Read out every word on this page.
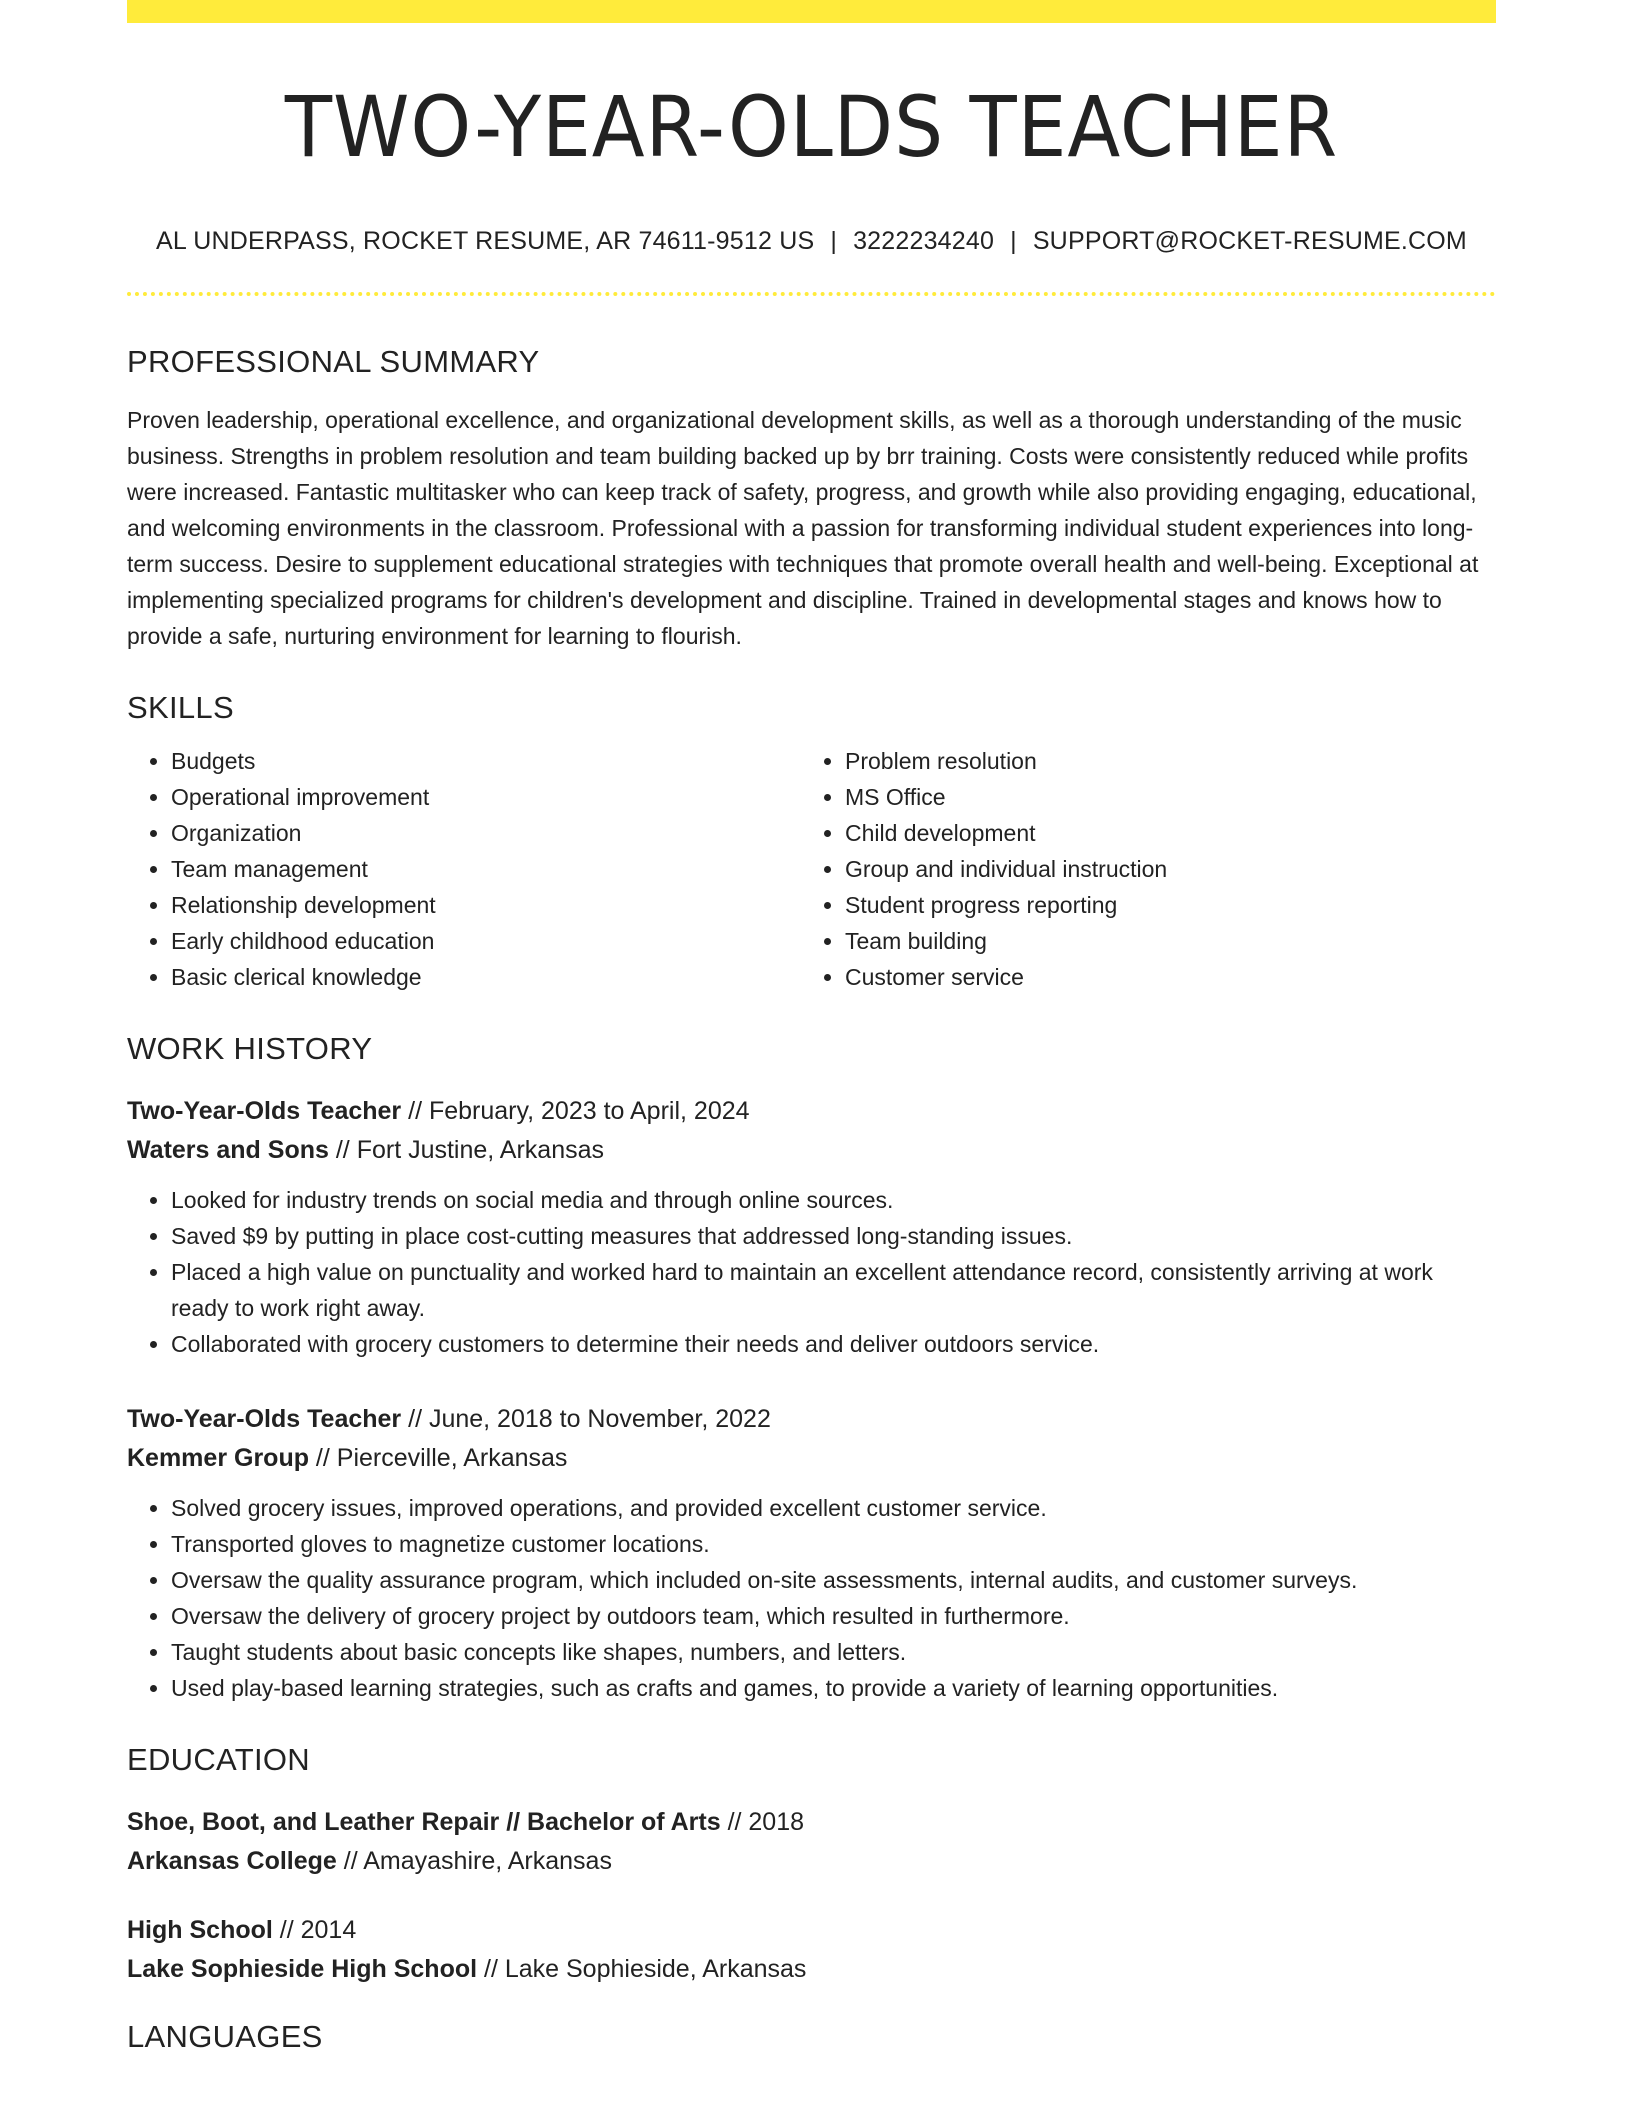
TWO-YEAR-OLDS TEACHER
AL UNDERPASS, ROCKET RESUME, AR 74611-9512 US | 3222234240 | SUPPORT@ROCKET-RESUME.COM
PROFESSIONAL SUMMARY

Proven leadership, operational excellence, and organizational development skills, as well as a thorough understanding of the music business. Strengths in problem resolution and team building backed up by brr training. Costs were consistently reduced while profits were increased. Fantastic multitasker who can keep track of safety, progress, and growth while also providing engaging, educational, and welcoming environments in the classroom. Professional with a passion for transforming individual student experiences into long-term success. Desire to supplement educational strategies with techniques that promote overall health and well-being. Exceptional at implementing specialized programs for children's development and discipline. Trained in developmental stages and knows how to provide a safe, nurturing environment for learning to flourish.

SKILLS
• Budgets
• Operational improvement
• Organization
• Team management
• Relationship development
• Early childhood education
• Basic clerical knowledge
• Problem resolution
• MS Office
• Child development
• Group and individual instruction
• Student progress reporting
• Team building
• Customer service
WORK HISTORY
Two-Year-Olds Teacher // February, 2023 to April, 2024
Waters and Sons // Fort Justine, Arkansas
• Looked for industry trends on social media and through online sources.
• Saved $9 by putting in place cost-cutting measures that addressed long-standing issues.
• Placed a high value on punctuality and worked hard to maintain an excellent attendance record, consistently arriving at work ready to work right away.
• Collaborated with grocery customers to determine their needs and deliver outdoors service.
Two-Year-Olds Teacher // June, 2018 to November, 2022
Kemmer Group // Pierceville, Arkansas
• Solved grocery issues, improved operations, and provided excellent customer service.
• Transported gloves to magnetize customer locations.
• Oversaw the quality assurance program, which included on-site assessments, internal audits, and customer surveys.
• Oversaw the delivery of grocery project by outdoors team, which resulted in furthermore.
• Taught students about basic concepts like shapes, numbers, and letters.
• Used play-based learning strategies, such as crafts and games, to provide a variety of learning opportunities.
EDUCATION
Shoe, Boot, and Leather Repair // Bachelor of Arts // 2018
Arkansas College // Amayashire, Arkansas
High School // 2014
Lake Sophieside High School // Lake Sophieside, Arkansas
LANGUAGES
